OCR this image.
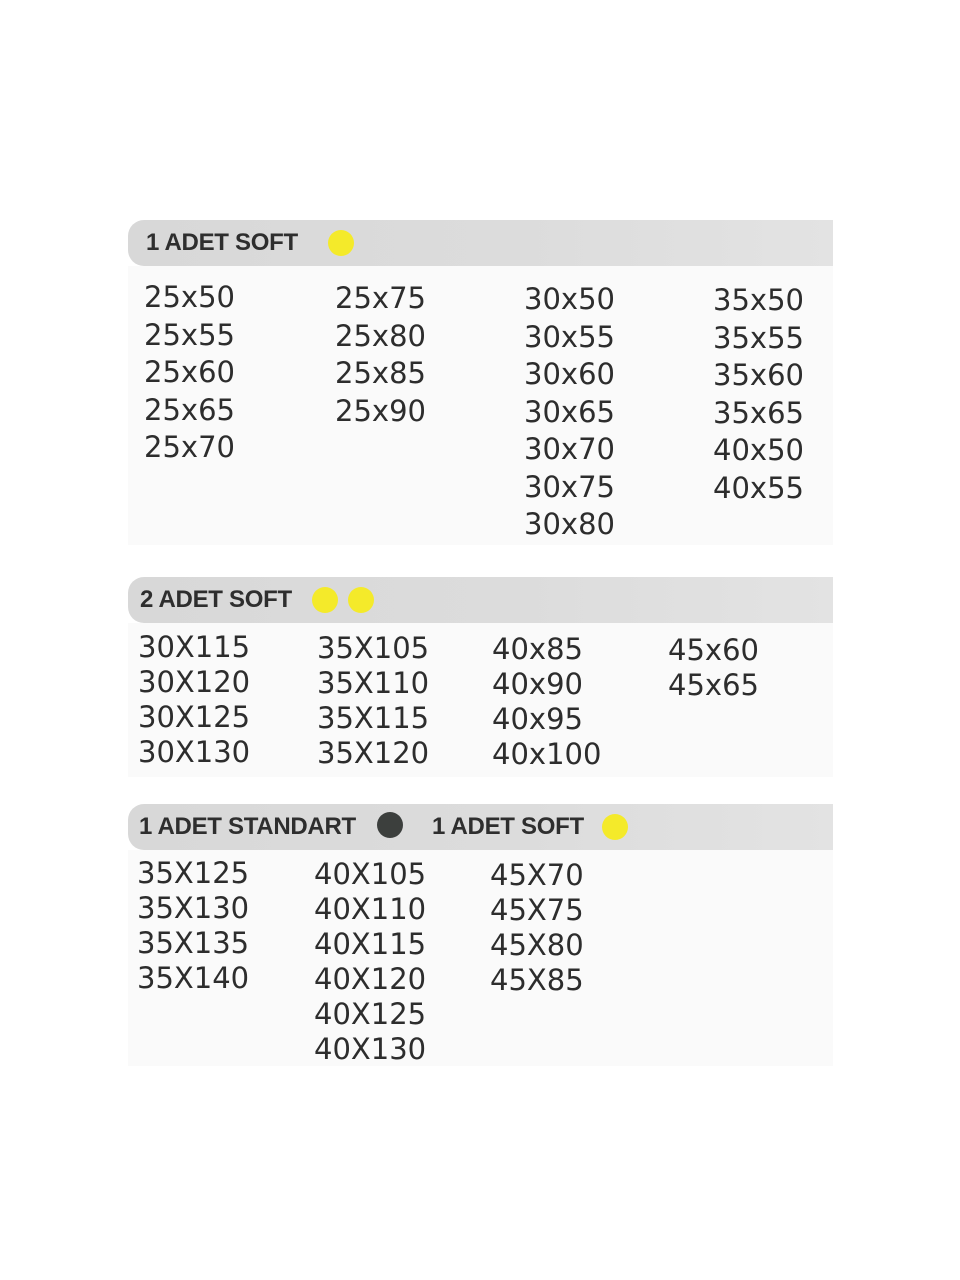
1 ADET SOFT
25x50
25x55
25x60
25x65
25x70
25x75
25x80
25x85
25x90
30x50
30x55
30x60
30x65
30x70
30x75
30x80
35x50
35x55
35x60
35x65
40x50
40x55
2 ADET SOFT
30X115
30X120
30X125
30X130
35X105
35X110
35X115
35X120
40x85
40x90
40x95
40x100
45x60
45x65
1 ADET STANDART	1 ADET SOFT
35X125
35X130
35X135
35X140
40X105
40X110
40X115
40X120
40X125
40X130
45X70
45X75
45X80
45X85
